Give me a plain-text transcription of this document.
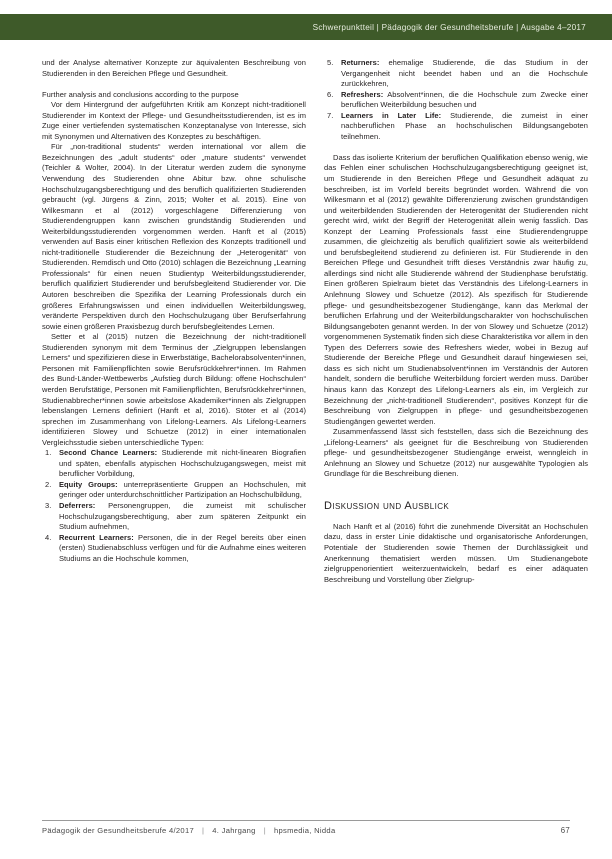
Schwerpunktteil | Pädagogik der Gesundheitsberufe | Ausgabe 4–2017

und der Analyse alternativer Konzepte zur äquivalenten Beschreibung von Studierenden in den Bereichen Pflege und Gesundheit.

Further analysis and conclusions according to the purpose

Vor dem Hintergrund der aufgeführten Kritik am Konzept nicht-traditionell Studierender im Kontext der Pflege- und Gesundheitsstudierenden, ist es im Zuge einer vertiefenden systematischen Konzeptanalyse von Interesse, sich mit Synonymen und Alternativen des Konzeptes zu beschäftigen.

Für „non-traditional students“ werden international vor allem die Bezeichnungen des „adult students“ oder „mature students“ verwendet (Teichler & Wolter, 2004). In der Literatur werden zudem die synonyme Verwendung des Studierenden ohne Abitur bzw. ohne schulische Hochschulzugangsberechtigung und des beruflich qualifizierten Studierenden gebraucht (vgl. Jürgens & Zinn, 2015; Wolter et al. 2015). Eine von Wilkesmann et al (2012) vorgeschlagene Differenzierung von Studierendengruppen kann zwischen grundständig Studierenden und Weiterbildungsstudierenden vorgenommen werden. Hanft et al (2015) verwenden auf Basis einer kritischen Reflexion des Konzepts traditionell und nicht-traditionelle Studierender die Bezeichnung der „Heterogenität“ von Studierenden. Remdisch und Otto (2010) schlagen die Bezeichnung „Learning Professionals“ für einen neuen Studientyp Weiterbildungsstudierender, beruflich qualifiziert Studierender und berufsbegleitend Studierender vor. Die Autoren beschreiben die Spezifika der Learning Professionals durch ein größeres Erfahrungswissen und einen individuellen Weiterbildungsweg, veränderte Perspektiven durch den Hochschulzugang über Berufserfahrung sowie einen größeren Praxisbezug durch berufsbegleitendes Lernen.

Setter et al (2015) nutzen die Bezeichnung der nicht-traditionell Studierenden synonym mit dem Terminus der „Zielgruppen lebenslangen Lerners“ und spezifizieren diese in Erwerbstätige, Bachelorabsolventen*innen, Personen mit Familienpflichten sowie Berufsrückkehrer*innen. Im Rahmen des Bund-Länder-Wettbewerbs „Aufstieg durch Bildung: offene Hochschulen“ werden Berufstätige, Personen mit Familienpflichten, Berufsrückkehrer*innen, Studienabbrecher*innen sowie arbeitslose Akademiker*innen als Zielgruppen lebenslangen Lernens definiert (Hanft et al, 2016). Stöter et al (2014) sprechen im Zusammenhang von Lifelong-Learners. Als Lifelong-Learners identifizieren Slowey und Schuetze (2012) in einer internationalen Vergleichsstudie sieben unterschiedliche Typen:

1.	Second Chance Learners: Studierende mit nicht-linearen Biografien und späten, ebenfalls atypischen Hochschulzugangswegen, meist mit beruflicher Vorbildung,
2.	Equity Groups: unterrepräsentierte Gruppen an Hochschulen, mit geringer oder unterdurchschnittlicher Partizipation an Hochschulbildung,
3.	Deferrers: Personengruppen, die zumeist mit schulischer Hochschulzugangsberechtigung, aber zum späteren Zeitpunkt ein Studium aufnehmen,
4.	Recurrent Learners: Personen, die in der Regel bereits über einen (ersten) Studienabschluss verfügen und für die Aufnahme eines weiteren Studiums an die Hochschule kommen,
5.	Returners: ehemalige Studierende, die das Studium in der Vergangenheit nicht beendet haben und an die Hochschule zurückkehren,
6.	Refreshers: Absolvent*innen, die die Hochschule zum Zwecke einer beruflichen Weiterbildung besuchen und
7.	Learners in Later Life: Studierende, die zumeist in einer nachberuflichen Phase an hochschulischen Bildungsangeboten teilnehmen.

Dass das isolierte Kriterium der beruflichen Qualifikation ebenso wenig, wie das Fehlen einer schulischen Hochschulzugangsberechtigung geeignet ist, um Studierende in den Bereichen Pflege und Gesundheit adäquat zu beschreiben, ist im Vorfeld bereits begründet worden. Während die von Wilkesmann et al (2012) gewählte Differenzierung zwischen grundständigen und weiterbildenden Studierenden der Heterogenität der Studierenden nicht gerecht wird, wirkt der Begriff der Heterogenität allein wenig fasslich. Das Konzept der Learning Professionals fasst eine Studierendengruppe zusammen, die gleichzeitig als beruflich qualifiziert sowie als weiterbildend und berufsbegleitend studierend zu definieren ist. Für Studierende in den Bereichen Pflege und Gesundheit trifft dieses Verständnis zwar häufig zu, allerdings sind nicht alle Studierende während der Studienphase berufstätig. Einen größeren Spielraum bietet das Verständnis des Lifelong-Learners in Anlehnung Slowey und Schuetze (2012). Als spezifisch für Studierende pflege- und gesundheitsbezogener Studiengänge, kann das Merkmal der beruflichen Erfahrung und der Weiterbildungscharakter von hochschulischen Bildungsangeboten genannt werden. In der von Slowey und Schuetze (2012) vorgenommenen Systematik finden sich diese Charakteristika vor allem in den Typen des Deferrers sowie des Refreshers wieder, wobei in Bezug auf Studierende der Bereiche Pflege und Gesundheit darauf hingewiesen sei, dass es sich nicht um Studienabsolvent*innen im Verständnis der Autoren handelt, sondern die berufliche Weiterbildung forciert werden muss. Darüber hinaus kann das Konzept des Lifelong-Learners als ein, im Vergleich zur Bezeichnung der „nicht-traditionell Studierenden“, positives Konzept für die Beschreibung von Zielgruppen in pflege- und gesundheitsbezogenen Studiengängen gewertet werden.

Zusammenfassend lässt sich feststellen, dass sich die Bezeichnung des „Lifelong-Learners“ als geeignet für die Beschreibung von Studierenden pflege- und gesundheitsbezogener Studiengänge erweist, wenngleich in Anlehnung an Slowey und Schuetze (2012) nur ausgewählte Typologien als Grundlage für die Beschreibung dienen.

Diskussion und Ausblick

Nach Hanft et al (2016) führt die zunehmende Diversität an Hochschulen dazu, dass in erster Linie didaktische und organisatorische Anforderungen, Potentiale der Studierenden sowie Themen der Durchlässigkeit und Anerkennung thematisiert werden müssen. Um Studienangebote zielgruppenorientiert weiterzuentwickeln, bedarf es einer adäquaten Beschreibung und Vorstellung über Zielgrup-

Pädagogik der Gesundheitsberufe 4/2017 | 4. Jahrgang | hpsmedia, Nidda	67
